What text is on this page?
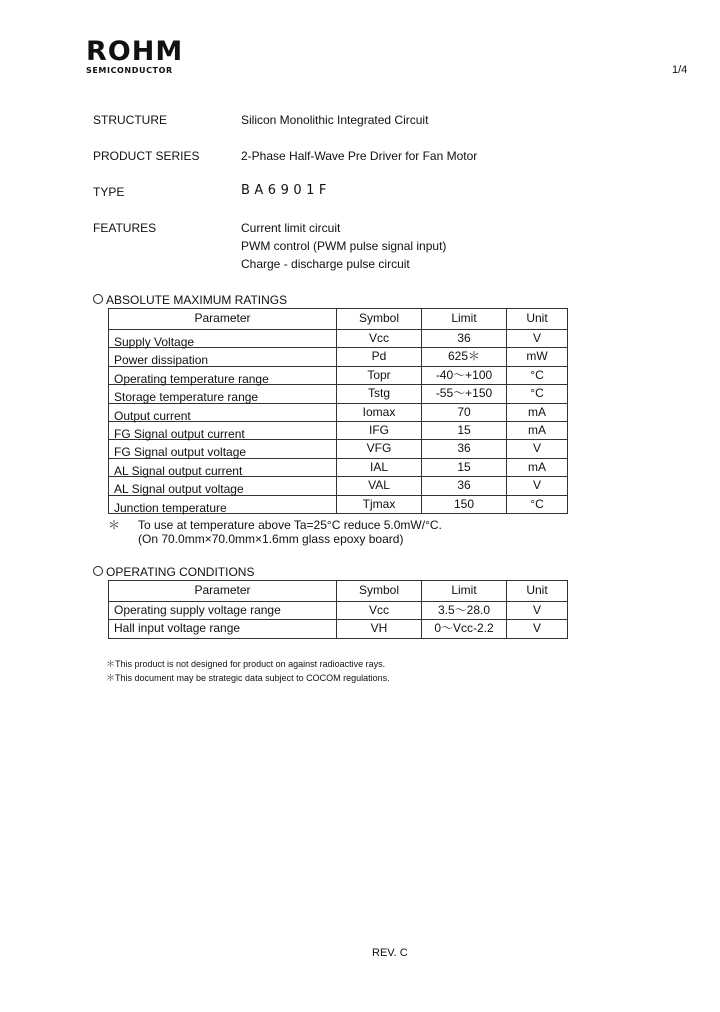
ROHM
SEMICONDUCTOR	1/4
STRUCTURE	Silicon Monolithic Integrated Circuit
PRODUCT SERIES	2-Phase Half-Wave Pre Driver for Fan Motor
TYPE	BA6901F
FEATURES	Current limit circuit
PWM control (PWM pulse signal input)
Charge - discharge pulse circuit
ABSOLUTE MAXIMUM RATINGS
Parameter	Symbol	Limit	Unit
Supply Voltage	Vcc	36	V
Power dissipation	Pd	625＊	mW
Operating temperature range	Topr	-40～+100	°C
Storage temperature range	Tstg	-55～+150	°C
Output current	Iomax	70	mA
FG Signal output current	IFG	15	mA
FG Signal output voltage	VFG	36	V
AL Signal output current	IAL	15	mA
AL Signal output voltage	VAL	36	V
Junction temperature	Tjmax	150	°C
＊ To use at temperature above Ta=25°C reduce 5.0mW/°C.
(On 70.0mm×70.0mm×1.6mm glass epoxy board)
OPERATING CONDITIONS
Parameter	Symbol	Limit	Unit
Operating supply voltage range	Vcc	3.5～28.0	V
Hall input voltage range	VH	0～Vcc-2.2	V
＊This product is not designed for product on against radioactive rays.
＊This document may be strategic data subject to COCOM regulations.
REV. C
